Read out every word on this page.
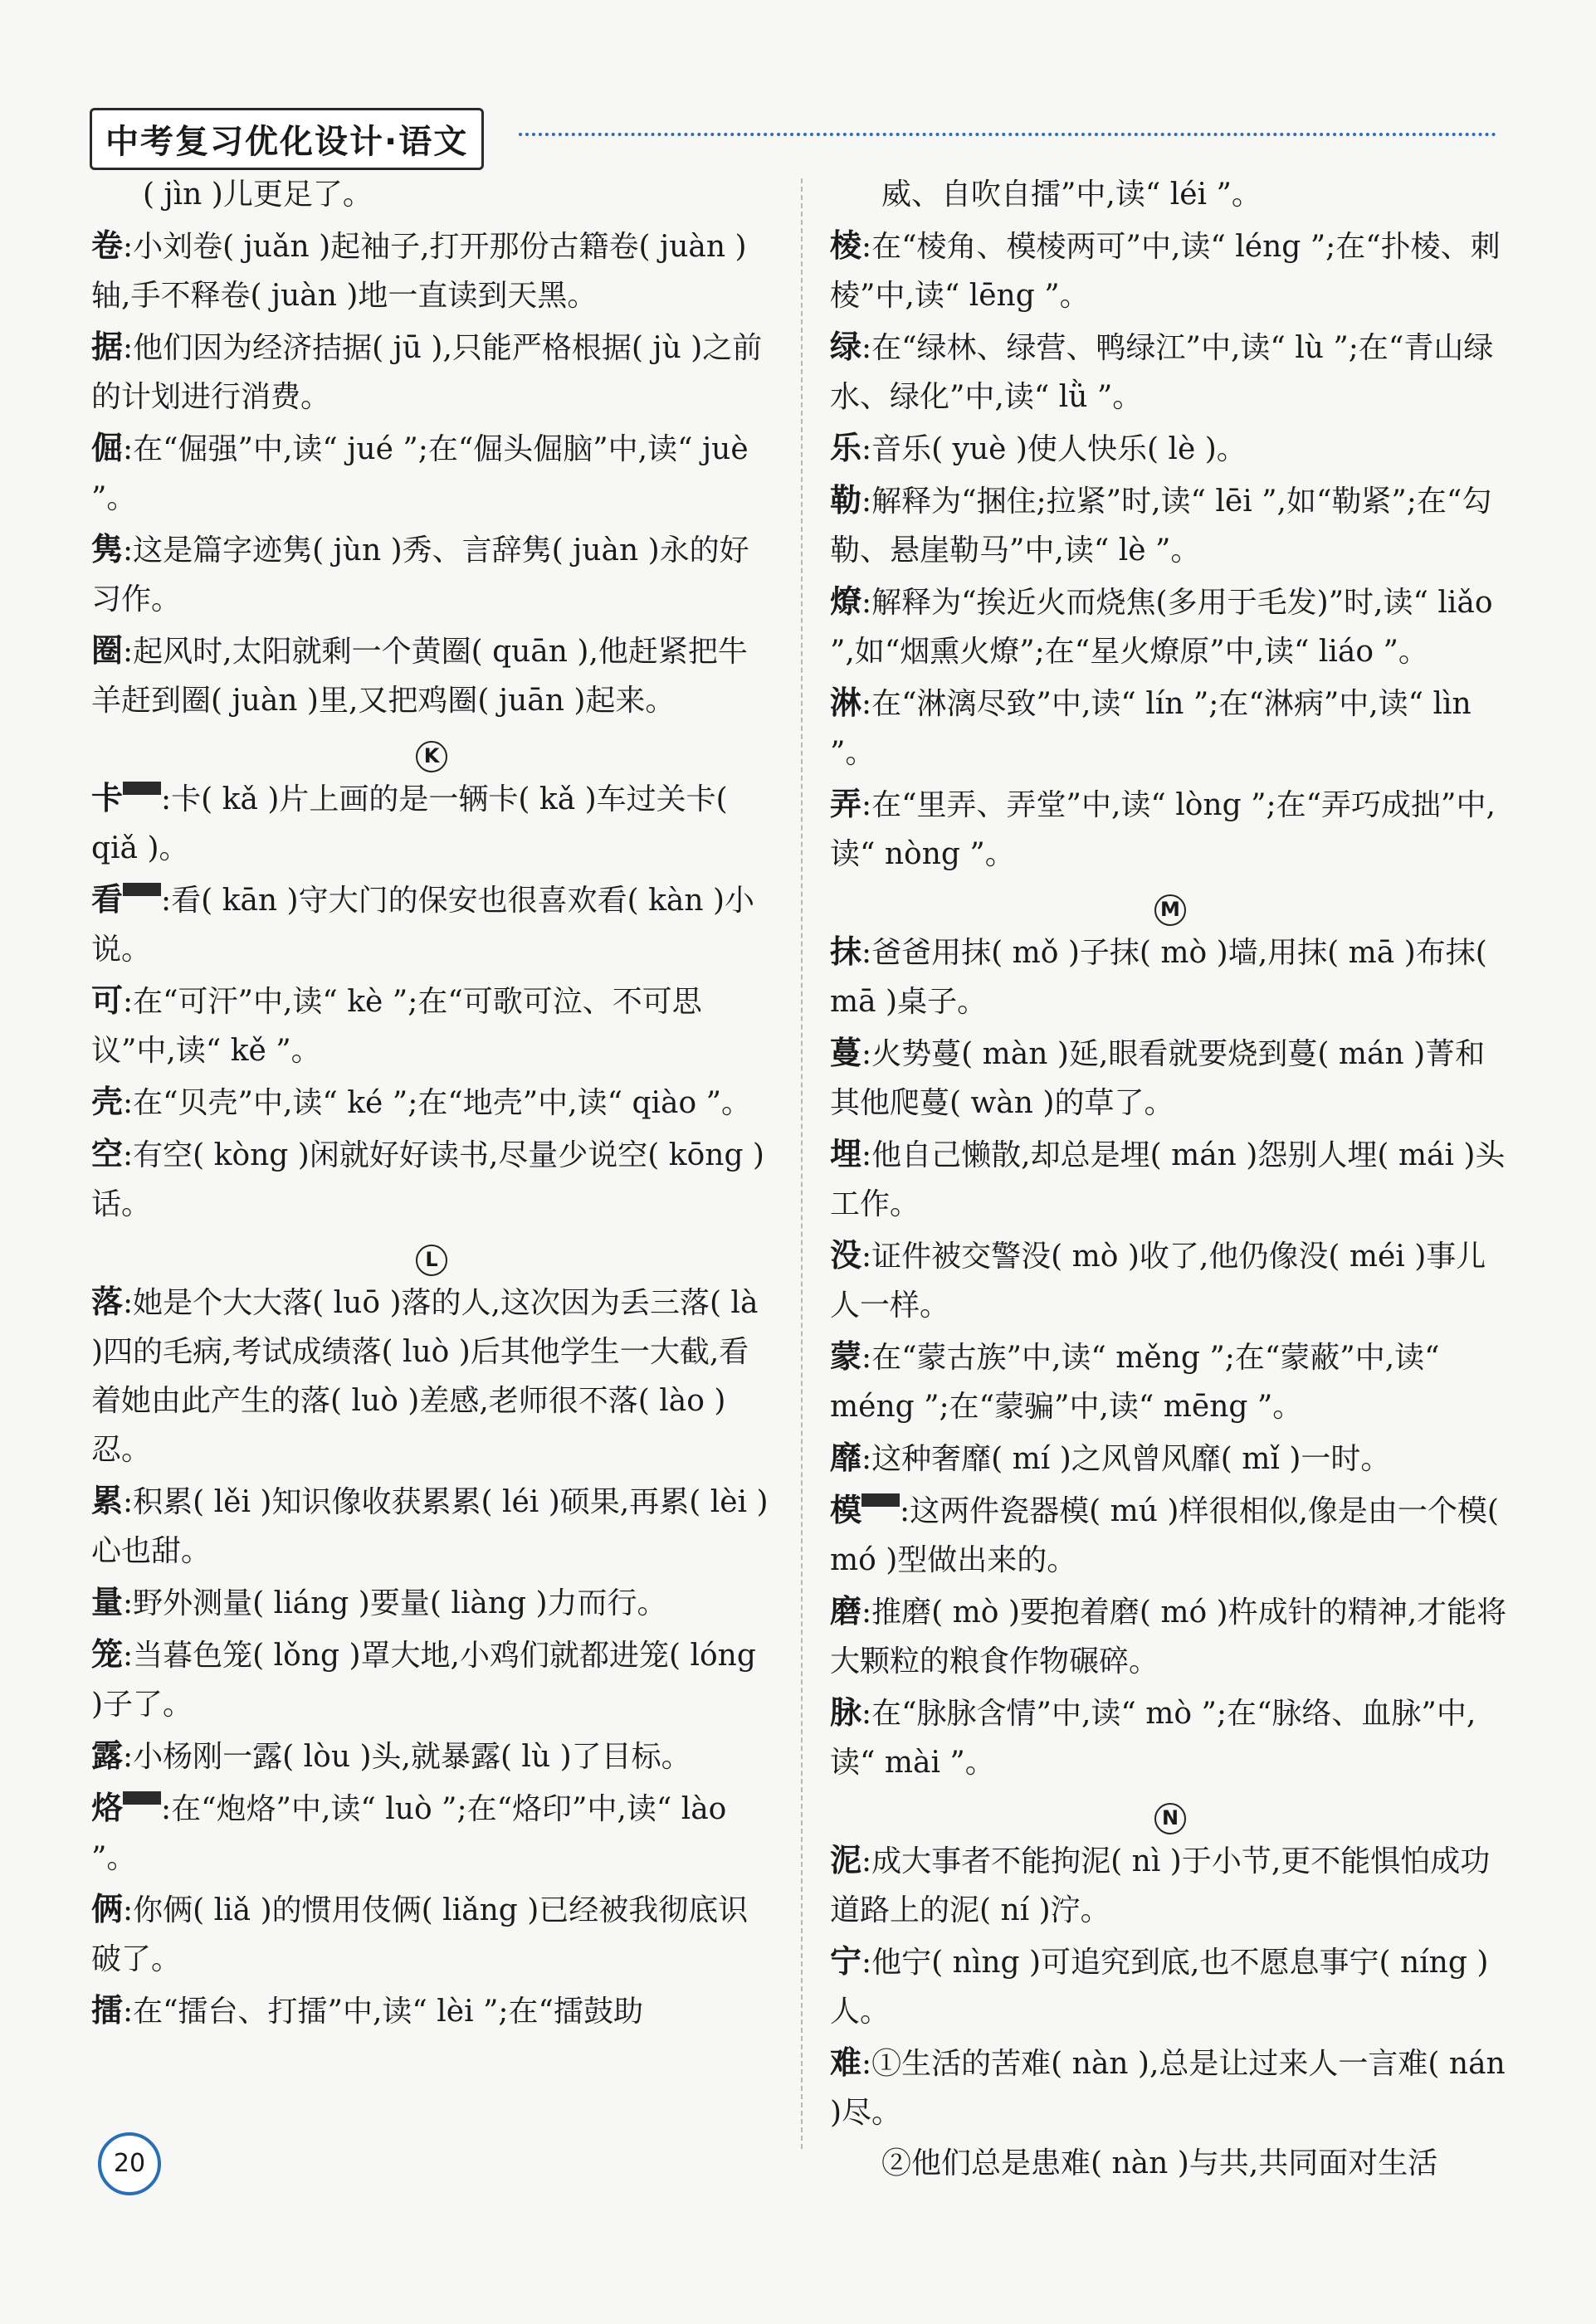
中考复习优化设计·语文
( jìn )儿更足了。
卷:小刘卷( juǎn )起袖子,打开那份古籍卷( juàn )轴,手不释卷( juàn )地一直读到天黑。
据:他们因为经济拮据( jū ),只能严格根据( jù )之前的计划进行消费。
倔:在“倔强”中,读“ jué ”;在“倔头倔脑”中,读“ juè ”。
隽:这是篇字迹隽( jùn )秀、言辞隽( juàn )永的好习作。
圈:起风时,太阳就剩一个黄圈( quān ),他赶紧把牛羊赶到圈( juàn )里,又把鸡圈( juān )起来。
K
卡2021 :卡( kǎ )片上画的是一辆卡( kǎ )车过关卡( qiǎ )。
看2020 :看( kān )守大门的保安也很喜欢看( kàn )小说。
可:在“可汗”中,读“ kè ”;在“可歌可泣、不可思议”中,读“ kě ”。
壳:在“贝壳”中,读“ ké ”;在“地壳”中,读“ qiào ”。
空:有空( kòng )闲就好好读书,尽量少说空( kōng )话。
L
落:她是个大大落( luō )落的人,这次因为丢三落( là )四的毛病,考试成绩落( luò )后其他学生一大截,看着她由此产生的落( luò )差感,老师很不落( lào )忍。
累:积累( lěi )知识像收获累累( léi )硕果,再累( lèi )心也甜。
量:野外测量( liáng )要量( liàng )力而行。
笼:当暮色笼( lǒng )罩大地,小鸡们就都进笼( lóng )子了。
露:小杨刚一露( lòu )头,就暴露( lù )了目标。
烙2018 :在“炮烙”中,读“ luò ”;在“烙印”中,读“ lào ”。
俩:你俩( liǎ )的惯用伎俩( liǎng )已经被我彻底识破了。
擂:在“擂台、打擂”中,读“ lèi ”;在“擂鼓助
威、自吹自擂”中,读“ léi ”。
棱:在“棱角、模棱两可”中,读“ léng ”;在“扑棱、刺棱”中,读“ lēng ”。
绿:在“绿林、绿营、鸭绿江”中,读“ lù ”;在“青山绿水、绿化”中,读“ lǜ ”。
乐:音乐( yuè )使人快乐( lè )。
勒:解释为“捆住;拉紧”时,读“ lēi ”,如“勒紧”;在“勾勒、悬崖勒马”中,读“ lè ”。
燎:解释为“挨近火而烧焦(多用于毛发)”时,读“ liǎo ”,如“烟熏火燎”;在“星火燎原”中,读“ liáo ”。
淋:在“淋漓尽致”中,读“ lín ”;在“淋病”中,读“ lìn ”。
弄:在“里弄、弄堂”中,读“ lòng ”;在“弄巧成拙”中,读“ nòng ”。
M
抹:爸爸用抹( mǒ )子抹( mò )墙,用抹( mā )布抹( mā )桌子。
蔓:火势蔓( màn )延,眼看就要烧到蔓( mán )菁和其他爬蔓( wàn )的草了。
埋:他自己懒散,却总是埋( mán )怨别人埋( mái )头工作。
没:证件被交警没( mò )收了,他仍像没( méi )事儿人一样。
蒙:在“蒙古族”中,读“ měng ”;在“蒙蔽”中,读“ méng ”;在“蒙骗”中,读“ mēng ”。
靡:这种奢靡( mí )之风曾风靡( mǐ )一时。
模2018 :这两件瓷器模( mú )样很相似,像是由一个模( mó )型做出来的。
磨:推磨( mò )要抱着磨( mó )杵成针的精神,才能将大颗粒的粮食作物碾碎。
脉:在“脉脉含情”中,读“ mò ”;在“脉络、血脉”中,读“ mài ”。
N
泥:成大事者不能拘泥( nì )于小节,更不能惧怕成功道路上的泥( ní )泞。
宁:他宁( nìng )可追究到底,也不愿息事宁( níng )人。
难:①生活的苦难( nàn ),总是让过来人一言难( nán )尽。
②他们总是患难( nàn )与共,共同面对生活
20
